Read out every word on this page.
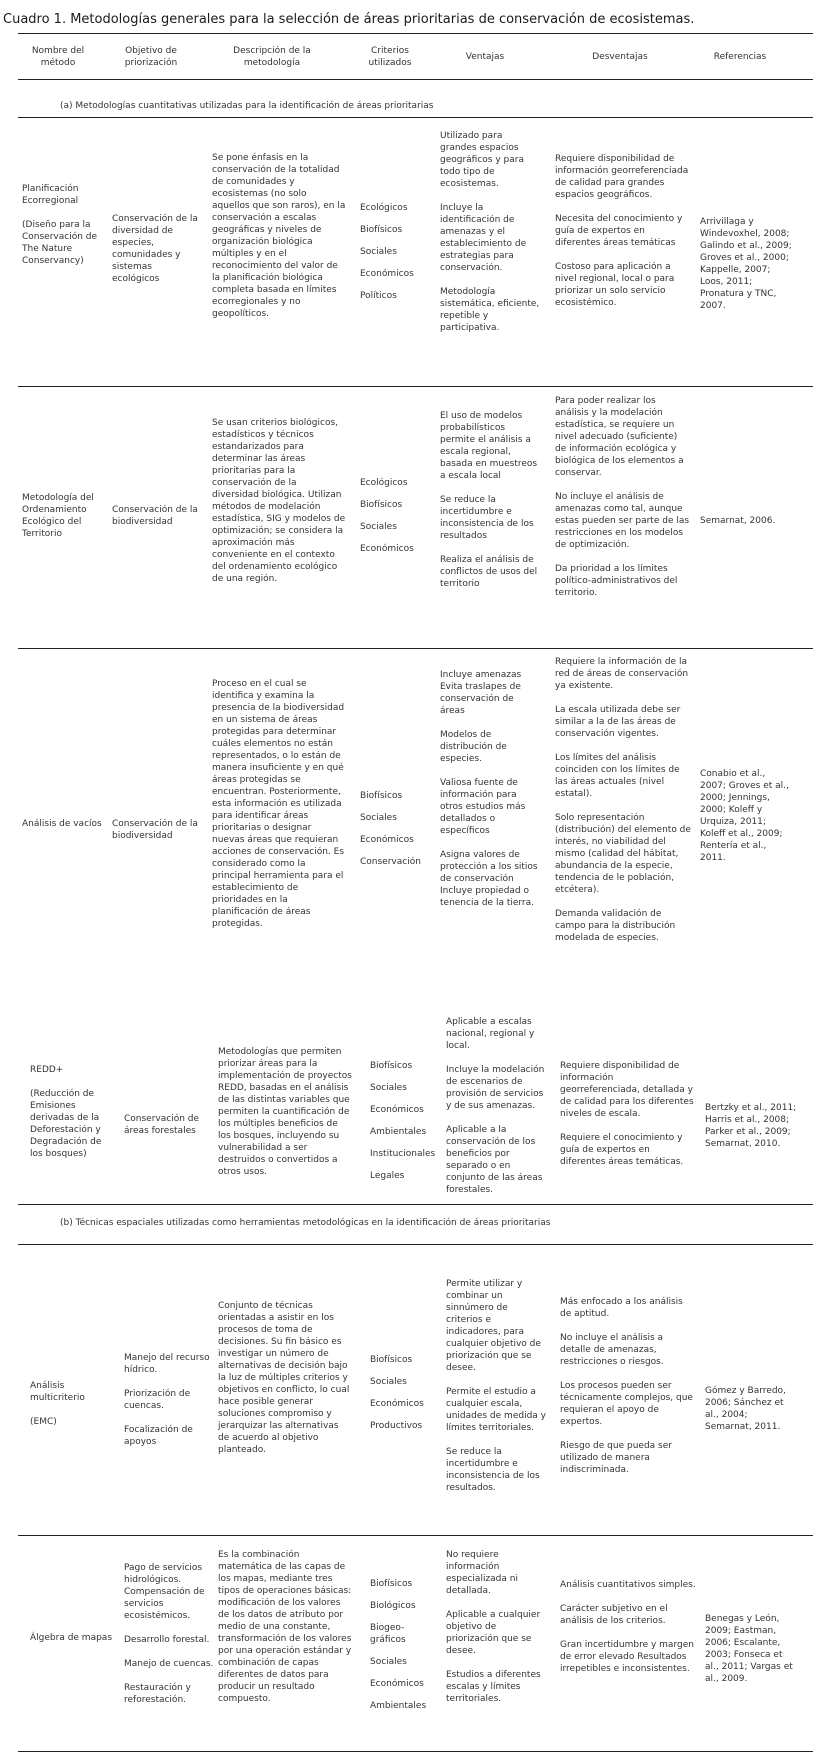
Cuadro 1. Metodologías generales para la selección de áreas prioritarias de conservación de ecosistemas.
Nombre del método
Objetivo de priorización
Descripción de la metodología
Criterios utilizados
Ventajas	Desventajas	Referencias
(a) Metodologías cuantitativas utilizadas para la identificación de áreas prioritarias

Planificación Ecorregional

(Diseño para la Conservación de The Nature Conservancy)

Conservación de la diversidad de especies, comunidades y sistemas ecológicos

Se pone énfasis en la conservación de la totalidad de comunidades y ecosistemas (no solo aquellos que son raros), en la conservación a escalas geográficas y niveles de organización biológica múltiples y en el reconocimiento del valor de la planificación biológica completa basada en límites ecorregionales y no geopolíticos.

Ecológicos

Biofísicos

Sociales

Económicos

Políticos

Utilizado para grandes espacios geográficos y para todo tipo de ecosistemas.

Incluye la identificación de amenazas y el establecimiento de estrategias para conservación.

Metodología sistemática, eficiente, repetible y participativa.

Requiere disponibilidad de información georreferenciada de calidad para grandes espacios geográficos.

Necesita del conocimiento y guía de expertos en diferentes áreas temáticas

Costoso para aplicación a nivel regional, local o para priorizar un solo servicio ecosistémico.

Arrivillaga y Windevoxhel, 2008; Galindo et al., 2009; Groves et al., 2000; Kappelle, 2007; Loos, 2011; Pronatura y TNC, 2007.

Metodología del Ordenamiento Ecológico del Territorio

Conservación de la biodiversidad

Se usan criterios biológicos, estadísticos y técnicos estandarizados para determinar las áreas prioritarias para la conservación de la diversidad biológica. Utilizan métodos de modelación estadística, SIG y modelos de optimización; se considera la aproximación más conveniente en el contexto del ordenamiento ecológico de una región.

Ecológicos

Biofísicos

Sociales

Económicos

El uso de modelos probabilísticos permite el análisis a escala regional, basada en muestreos a escala local

Se reduce la incertidumbre e inconsistencia de los resultados

Realiza el análisis de conflictos de usos del territorio

Para poder realizar los análisis y la modelación estadística, se requiere un nivel adecuado (suficiente) de información ecológica y biológica de los elementos a conservar.

No incluye el análisis de amenazas como tal, aunque estas pueden ser parte de las restricciones en los modelos de optimización.

Da prioridad a los límites político-administrativos del territorio.

Semarnat, 2006.

Análisis de vacíos Conservación de la biodiversidad

Proceso en el cual se identifica y examina la presencia de la biodiversidad en un sistema de áreas protegidas para determinar cuáles elementos no están representados, o lo están de manera insuficiente y en qué áreas protegidas se encuentran. Posteriormente, esta información es utilizada para identificar áreas prioritarias o designar nuevas áreas que requieran acciones de conservación. Es considerado como la principal herramienta para el establecimiento de prioridades en la planificación de áreas protegidas.

Biofísicos

Sociales

Económicos

Conservación

Incluye amenazas Evita traslapes de conservación de áreas

Modelos de distribución de especies.

Valiosa fuente de información para otros estudios más detallados o específicos

Asigna valores de protección a los sitios de conservación Incluye propiedad o tenencia de la tierra.

Requiere la información de la red de áreas de conservación ya existente.

La escala utilizada debe ser similar a la de las áreas de conservación vigentes.

Los límites del análisis coinciden con los límites de las áreas actuales (nivel estatal).

Solo representación (distribución) del elemento de interés, no viabilidad del mismo (calidad del hábitat, abundancia de la especie, tendencia de le población, etcétera).

Demanda validación de campo para la distribución modelada de especies.

Conabio et al., 2007; Groves et al., 2000; Jennings, 2000; Koleff y Urquiza, 2011; Koleff et al., 2009; Rentería et al., 2011.

REDD+

(Reducción de Emisiones derivadas de la Deforestación y Degradación de los bosques)

Conservación de áreas forestales

Metodologías que permiten priorizar áreas para la implementación de proyectos REDD, basadas en el análisis de las distintas variables que permiten la cuantificación de los múltiples beneficios de los bosques, incluyendo su vulnerabilidad a ser destruidos o convertidos a otros usos.

Biofísicos

Sociales

Económicos

Ambientales

Institucionales

Legales

Aplicable a escalas nacional, regional y local.

Incluye la modelación de escenarios de provisión de servicios y de sus amenazas.

Aplicable a la conservación de los beneficios por separado o en conjunto de las áreas forestales.

Requiere disponibilidad de información georreferenciada, detallada y de calidad para los diferentes niveles de escala.

Requiere el conocimiento y guía de expertos en diferentes áreas temáticas.

Bertzky et al., 2011; Harris et al., 2008; Parker et al., 2009; Semarnat, 2010.

(b) Técnicas espaciales utilizadas como herramientas metodológicas en la identificación de áreas prioritarias

Análisis multicriterio

(EMC)

Manejo del recurso hídrico.

Priorización de cuencas.

Focalización de apoyos

Conjunto de técnicas orientadas a asistir en los procesos de toma de decisiones. Su fin básico es investigar un número de alternativas de decisión bajo la luz de múltiples criterios y objetivos en conflicto, lo cual hace posible generar soluciones compromiso y jerarquizar las alternativas de acuerdo al objetivo planteado.

Biofísicos

Sociales

Económicos

Productivos

Permite utilizar y combinar un sinnúmero de criterios e indicadores, para cualquier objetivo de priorización que se desee.

Permite el estudio a cualquier escala, unidades de medida y límites territoriales.

Se reduce la incertidumbre e inconsistencia de los resultados.

Más enfocado a los análisis de aptitud.

No incluye el análisis a detalle de amenazas, restricciones o riesgos.

Los procesos pueden ser técnicamente complejos, que requieran el apoyo de expertos.

Riesgo de que pueda ser utilizado de manera indiscriminada.

Gómez y Barredo, 2006; Sánchez et al., 2004; Semarnat, 2011.

Álgebra de mapas

Pago de servicios hidrológicos. Compensación de servicios ecosistémicos.

Desarrollo forestal.

Manejo de cuencas.

Restauración y reforestación.

Es la combinación matemática de las capas de los mapas, mediante tres tipos de operaciones básicas: modificación de los valores de los datos de atributo por medio de una constante, transformación de los valores por una operación estándar y combinación de capas diferentes de datos para producir un resultado compuesto.

Biofísicos

Biológicos

Biogeo- gráficos

Sociales

Económicos

Ambientales

No requiere información especializada ni detallada.

Aplicable a cualquier objetivo de priorización que se desee.

Estudios a diferentes escalas y límites territoriales.

Análisis cuantitativos simples.

Carácter subjetivo en el análisis de los criterios.

Gran incertidumbre y margen de error elevado Resultados irrepetibles e inconsistentes.

Benegas y León, 2009; Eastman, 2006; Escalante, 2003; Fonseca et al., 2011; Vargas et al., 2009.
